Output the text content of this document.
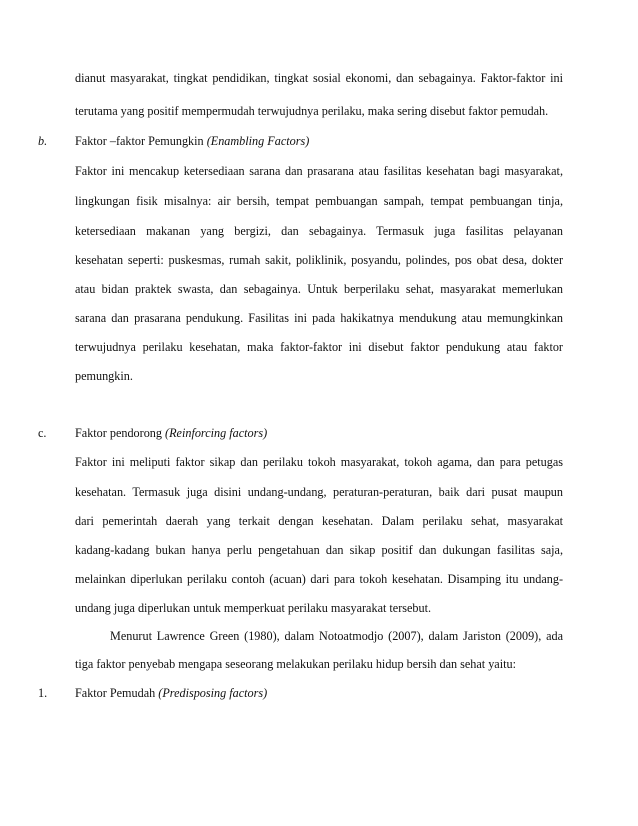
dianut masyarakat, tingkat pendidikan, tingkat sosial ekonomi, dan sebagainya. Faktor-faktor ini
terutama yang positif mempermudah terwujudnya perilaku, maka sering disebut faktor pemudah.
b. Faktor –faktor Pemungkin (Enambling Factors)
Faktor ini mencakup ketersediaan sarana dan prasarana atau fasilitas kesehatan bagi masyarakat,
lingkungan fisik misalnya: air bersih, tempat pembuangan sampah, tempat pembuangan tinja,
ketersediaan makanan yang bergizi, dan sebagainya. Termasuk juga fasilitas pelayanan
kesehatan seperti: puskesmas, rumah sakit, poliklinik, posyandu, polindes, pos obat desa, dokter
atau bidan praktek swasta, dan sebagainya. Untuk berperilaku sehat, masyarakat memerlukan
sarana dan prasarana pendukung. Fasilitas ini pada hakikatnya mendukung atau memungkinkan
terwujudnya perilaku kesehatan, maka faktor-faktor ini disebut faktor pendukung atau faktor
pemungkin.
c. Faktor pendorong (Reinforcing factors)
Faktor ini meliputi faktor sikap dan perilaku tokoh masyarakat, tokoh agama, dan para petugas
kesehatan. Termasuk juga disini undang-undang, peraturan-peraturan, baik dari pusat maupun
dari pemerintah daerah yang terkait dengan kesehatan. Dalam perilaku sehat, masyarakat
kadang-kadang bukan hanya perlu pengetahuan dan sikap positif dan dukungan fasilitas saja,
melainkan diperlukan perilaku contoh (acuan) dari para tokoh kesehatan. Disamping itu undang-
undang juga diperlukan untuk memperkuat perilaku masyarakat tersebut.
Menurut Lawrence Green (1980), dalam Notoatmodjo (2007), dalam Jariston (2009), ada
tiga faktor penyebab mengapa seseorang melakukan perilaku hidup bersih dan sehat yaitu:
1. Faktor Pemudah (Predisposing factors)
